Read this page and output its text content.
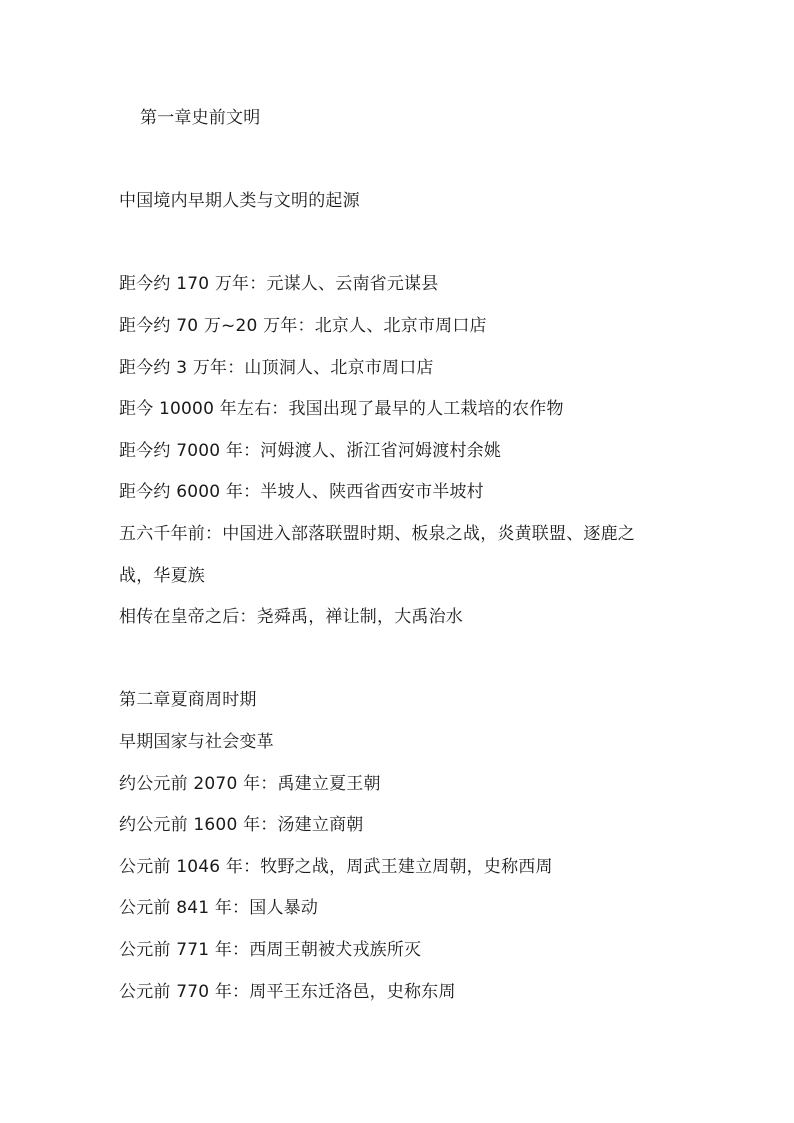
第一章史前文明
中国境内早期人类与文明的起源
距今约 170 万年：元谋人、云南省元谋县
距今约 70 万~20 万年：北京人、北京市周口店
距今约 3 万年：山顶洞人、北京市周口店
距今 10000 年左右：我国出现了最早的人工栽培的农作物
距今约 7000 年：河姆渡人、浙江省河姆渡村余姚
距今约 6000 年：半坡人、陕西省西安市半坡村
五六千年前：中国进入部落联盟时期、板泉之战，炎黄联盟、逐鹿之
战，华夏族
相传在皇帝之后：尧舜禹，禅让制，大禹治水
第二章夏商周时期
早期国家与社会变革
约公元前 2070 年：禹建立夏王朝
约公元前 1600 年：汤建立商朝
公元前 1046 年：牧野之战，周武王建立周朝，史称西周
公元前 841 年：国人暴动
公元前 771 年：西周王朝被犬戎族所灭
公元前 770 年：周平王东迁洛邑，史称东周
